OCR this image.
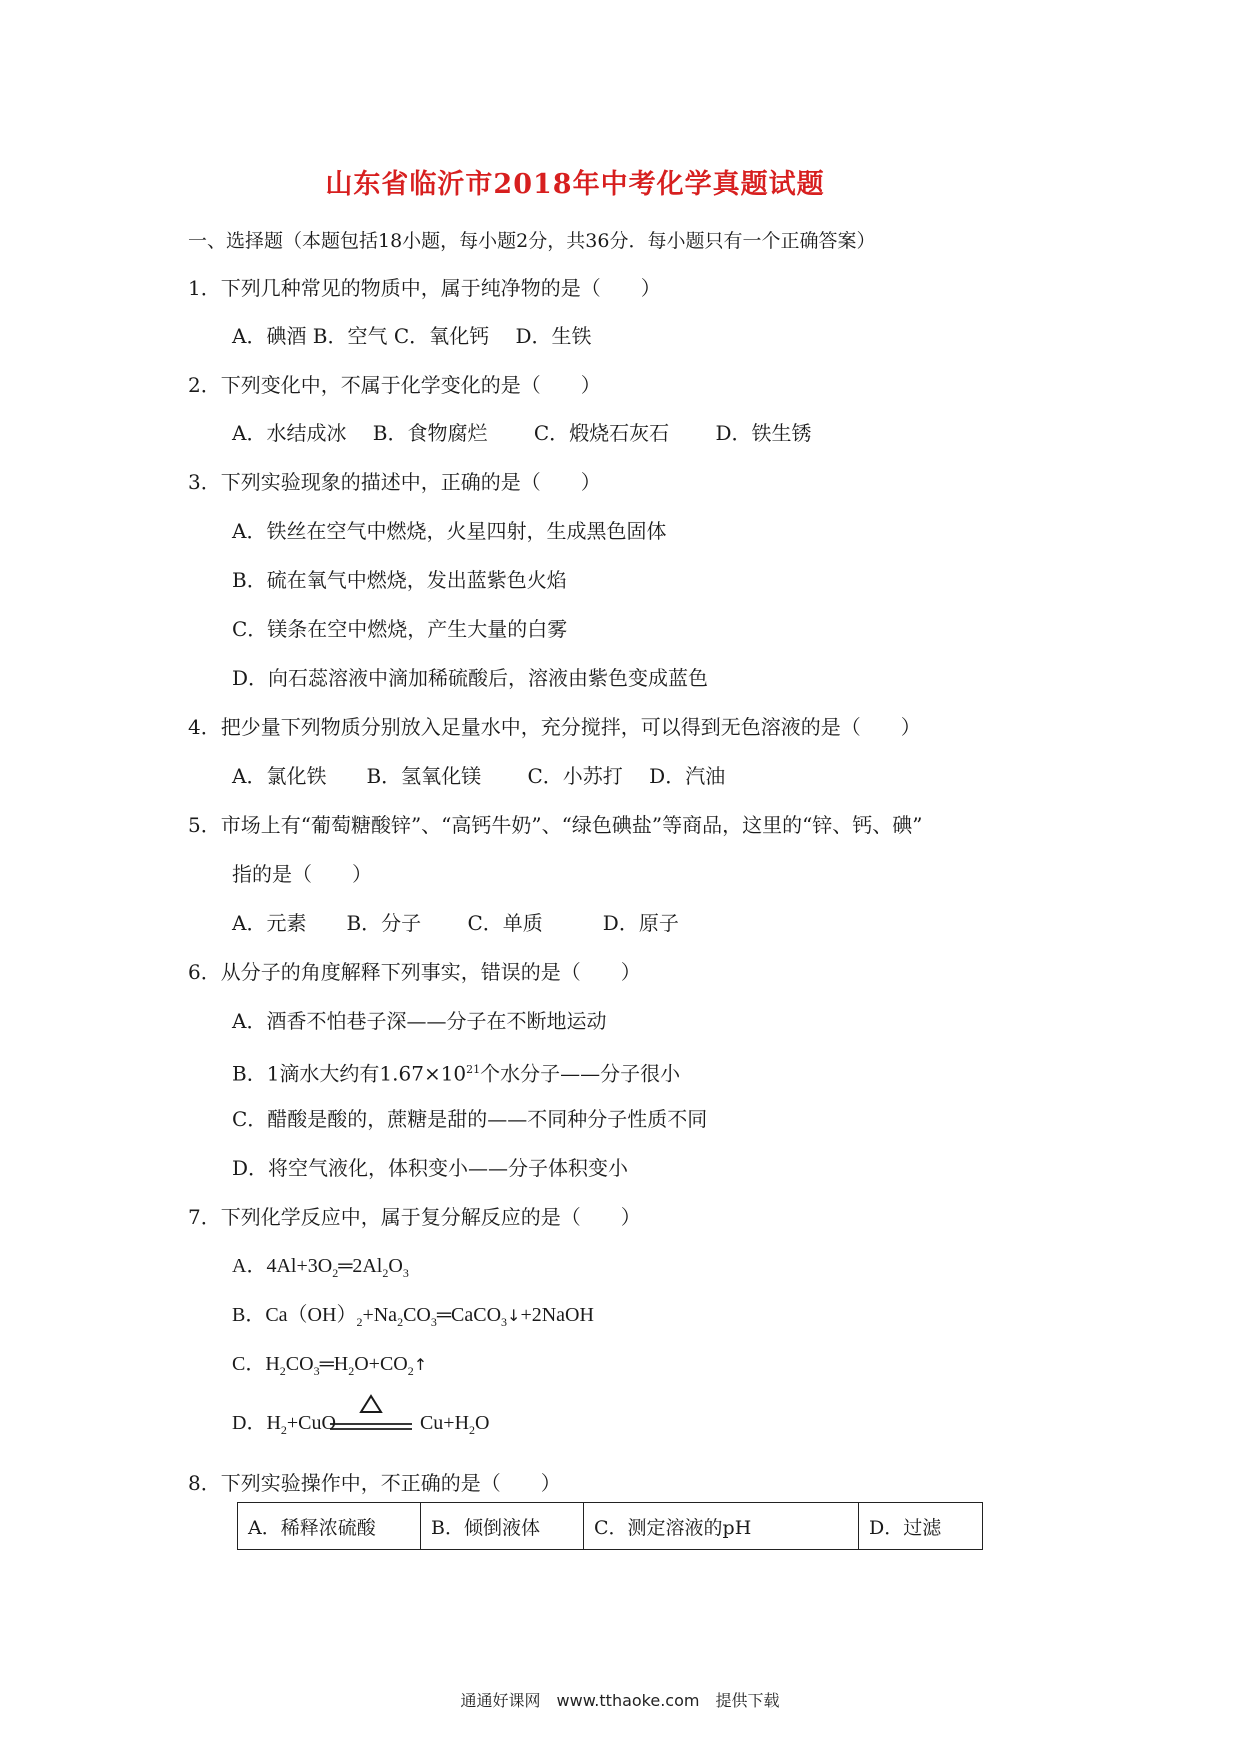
山东省临沂市2018年中考化学真题试题
一、选择题（本题包括18小题，每小题2分，共36分．每小题只有一个正确答案）
1．下列几种常见的物质中，属于纯净物的是（　　）
A．碘酒 B．空气 C．氧化钙　 D．生铁
2．下列变化中，不属于化学变化的是（　　）
A．水结成冰　 B．食物腐烂　　 C．煅烧石灰石　　 D．铁生锈
3．下列实验现象的描述中，正确的是（　　）
A．铁丝在空气中燃烧，火星四射，生成黑色固体
B．硫在氧气中燃烧，发出蓝紫色火焰
C．镁条在空中燃烧，产生大量的白雾
D．向石蕊溶液中滴加稀硫酸后，溶液由紫色变成蓝色
4．把少量下列物质分别放入足量水中，充分搅拌，可以得到无色溶液的是（　　）
A．氯化铁　　B．氢氧化镁　　 C．小苏打　 D．汽油
5．市场上有“葡萄糖酸锌”、“高钙牛奶”、“绿色碘盐”等商品，这里的“锌、钙、碘”
指的是（　　）
A．元素　　B．分子　　 C．单质　　　D．原子
6．从分子的角度解释下列事实，错误的是（　　）
A．酒香不怕巷子深——分子在不断地运动
B．1滴水大约有$1.67\times 10^{21}$个水分子——分子很小
C．醋酸是酸的，蔗糖是甜的——不同种分子性质不同
D．将空气液化，体积变小——分子体积变小
7．下列化学反应中，属于复分解反应的是（　　）
A．$4Al+3O_2═2Al_2O_3$
B．$Ca(OH)_2+Na_2CO_3═CaCO_3↓+2NaOH$
C．$H_2CO_3═H_2O+CO_2↑$
D．$H_2+CuO$	$Cu+H_2O$
8．下列实验操作中，不正确的是（　　）
A．稀释浓硫酸	B．倾倒液体	C．测定溶液的pH	D．过滤
通通好课网　www.tthaoke.com　提供下载
